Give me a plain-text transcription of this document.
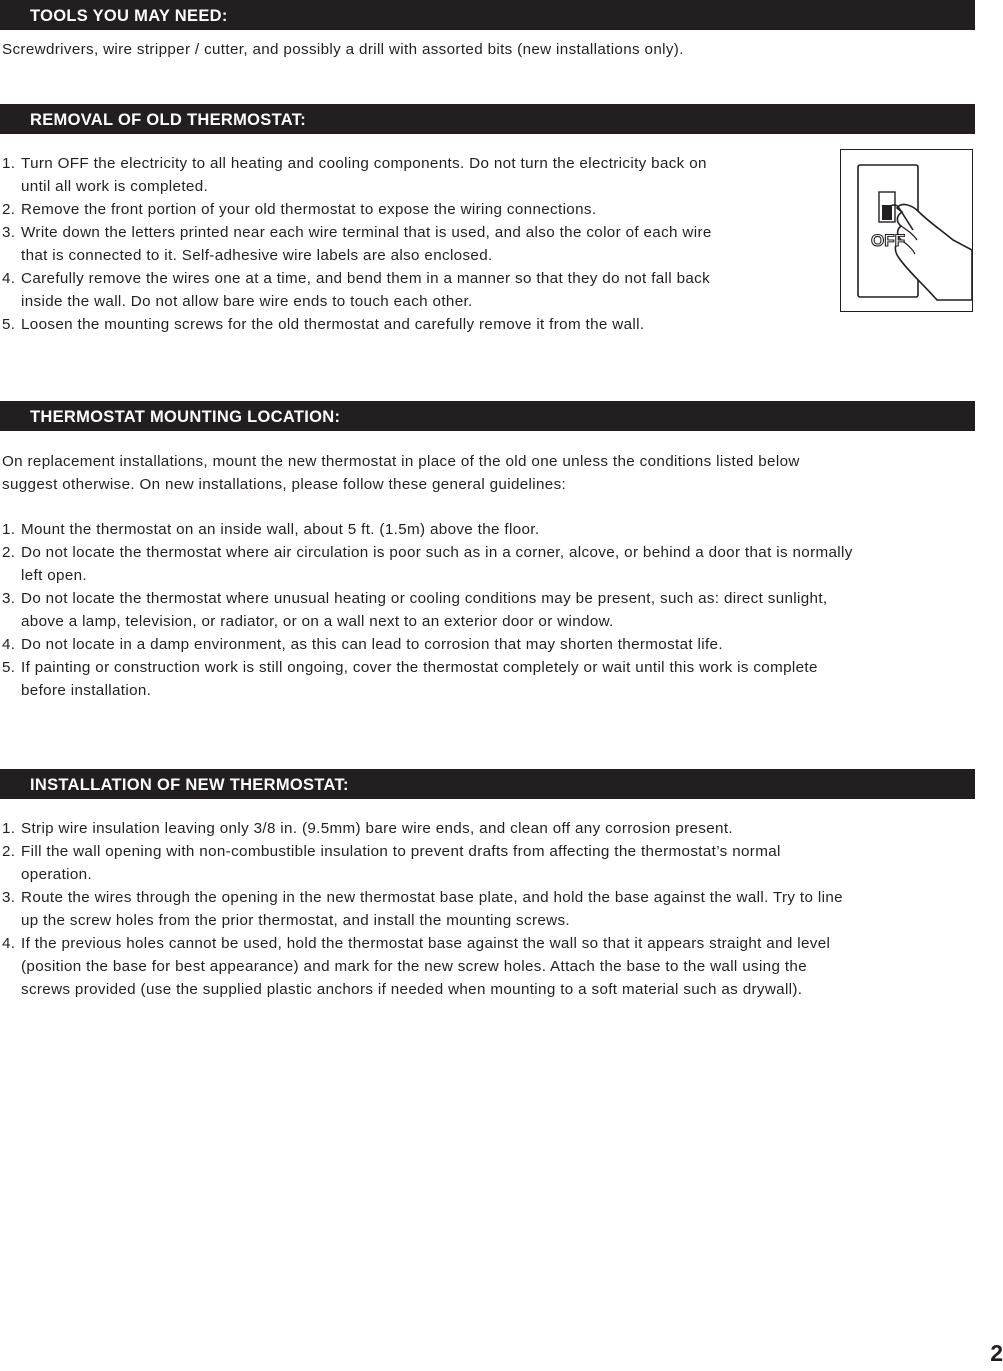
TOOLS YOU MAY NEED:

Screwdrivers, wire stripper / cutter, and possibly a drill with assorted bits (new installations only).

REMOVAL OF OLD THERMOSTAT:
1. Turn OFF the electricity to all heating and cooling components. Do not turn the electricity back on
until all work is completed.
2. Remove the front portion of your old thermostat to expose the wiring connections.
3. Write down the letters printed near each wire terminal that is used, and also the color of each wire
that is connected to it. Self-adhesive wire labels are also enclosed.
4. Carefully remove the wires one at a time, and bend them in a manner so that they do not fall back
inside the wall. Do not allow bare wire ends to touch each other.
5. Loosen the mounting screws for the old thermostat and carefully remove it from the wall.
OFF
THERMOSTAT MOUNTING LOCATION:

On replacement installations, mount the new thermostat in place of the old one unless the conditions listed below
suggest otherwise. On new installations, please follow these general guidelines:

1. Mount the thermostat on an inside wall, about 5 ft. (1.5m) above the floor.
2. Do not locate the thermostat where air circulation is poor such as in a corner, alcove, or behind a door that is normally
left open.
3. Do not locate the thermostat where unusual heating or cooling conditions may be present, such as: direct sunlight,
above a lamp, television, or radiator, or on a wall next to an exterior door or window.
4. Do not locate in a damp environment, as this can lead to corrosion that may shorten thermostat life.
5. If painting or construction work is still ongoing, cover the thermostat completely or wait until this work is complete
before installation.
INSTALLATION OF NEW THERMOSTAT:
1. Strip wire insulation leaving only 3/8 in. (9.5mm) bare wire ends, and clean off any corrosion present.
2. Fill the wall opening with non-combustible insulation to prevent drafts from affecting the thermostat’s normal
operation.
3. Route the wires through the opening in the new thermostat base plate, and hold the base against the wall. Try to line
up the screw holes from the prior thermostat, and install the mounting screws.
4. If the previous holes cannot be used, hold the thermostat base against the wall so that it appears straight and level
(position the base for best appearance) and mark for the new screw holes. Attach the base to the wall using the
screws provided (use the supplied plastic anchors if needed when mounting to a soft material such as drywall).
2
